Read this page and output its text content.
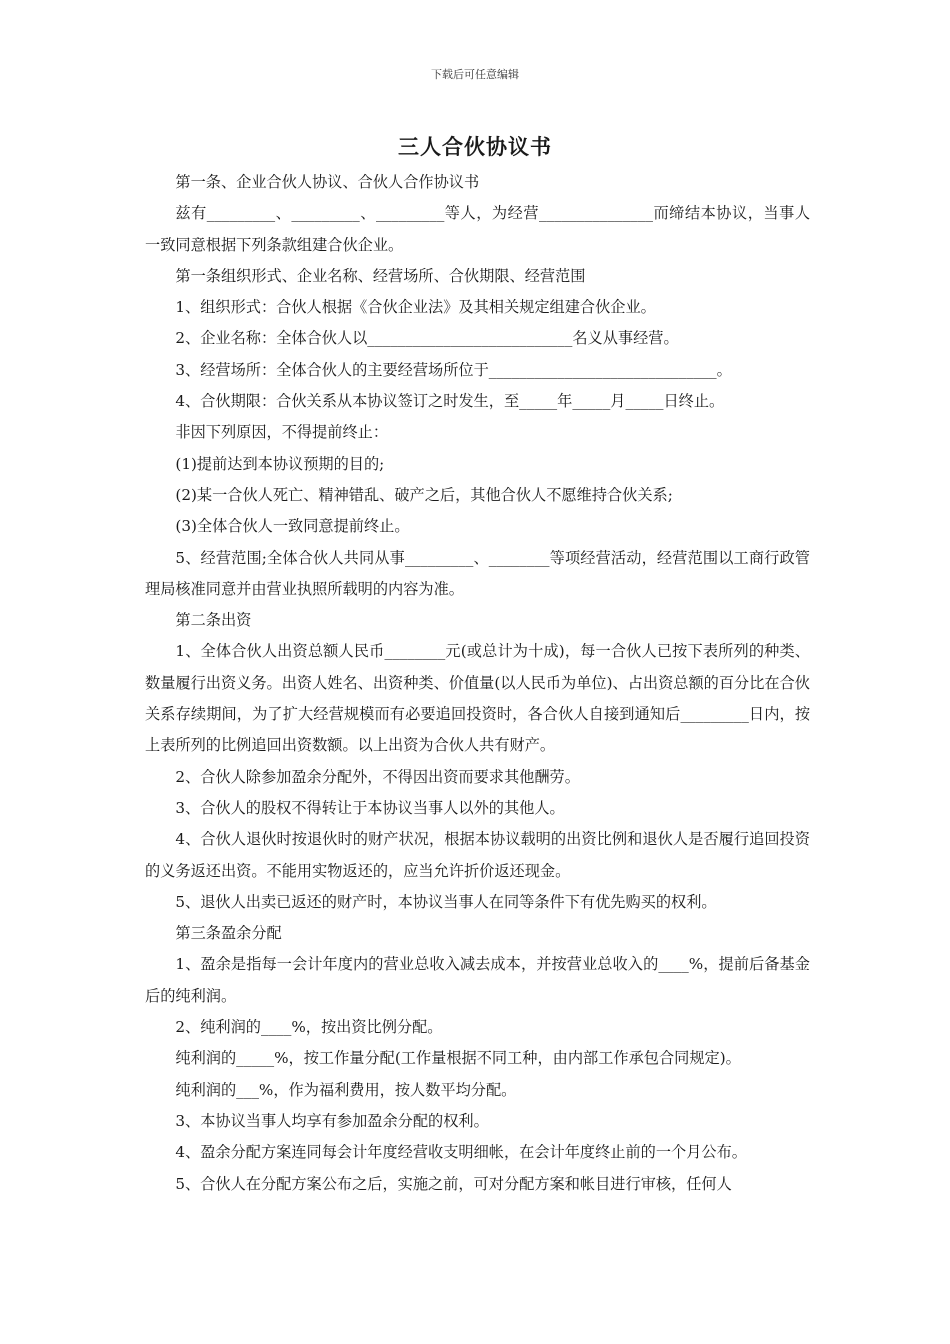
下载后可任意编辑
三人合伙协议书

第一条、企业合伙人协议、合伙人合作协议书

兹有_________、_________、_________等人，为经营_______________而缔结本协议，当事人一致同意根据下列条款组建合伙企业。

第一条组织形式、企业名称、经营场所、合伙期限、经营范围

1、组织形式：合伙人根据《合伙企业法》及其相关规定组建合伙企业。

2、企业名称：全体合伙人以___________________________名义从事经营。

3、经营场所：全体合伙人的主要经营场所位于______________________________。

4、合伙期限：合伙关系从本协议签订之时发生，至_____年_____月_____日终止。

非因下列原因，不得提前终止：

(1)提前达到本协议预期的目的;

(2)某一合伙人死亡、精神错乱、破产之后，其他合伙人不愿维持合伙关系;

(3)全体合伙人一致同意提前终止。

5、经营范围;全体合伙人共同从事_________、________等项经营活动，经营范围以工商行政管理局核准同意并由营业执照所载明的内容为准。

第二条出资

1、全体合伙人出资总额人民币________元(或总计为十成)，每一合伙人已按下表所列的种类、数量履行出资义务。出资人姓名、出资种类、价值量(以人民币为单位)、占出资总额的百分比在合伙关系存续期间，为了扩大经营规模而有必要追回投资时，各合伙人自接到通知后_________日内，按上表所列的比例追回出资数额。以上出资为合伙人共有财产。

2、合伙人除参加盈余分配外，不得因出资而要求其他酬劳。

3、合伙人的股权不得转让于本协议当事人以外的其他人。

4、合伙人退伙时按退伙时的财产状况，根据本协议载明的出资比例和退伙人是否履行追回投资的义务返还出资。不能用实物返还的，应当允许折价返还现金。

5、退伙人出卖已返还的财产时，本协议当事人在同等条件下有优先购买的权利。

第三条盈余分配

1、盈余是指每一会计年度内的营业总收入减去成本，并按营业总收入的____%，提前后备基金后的纯利润。

2、纯利润的____%，按出资比例分配。

纯利润的_____%，按工作量分配(工作量根据不同工种，由内部工作承包合同规定)。

纯利润的___%，作为福利费用，按人数平均分配。

3、本协议当事人均享有参加盈余分配的权利。

4、盈余分配方案连同每会计年度经营收支明细帐，在会计年度终止前的一个月公布。

5、合伙人在分配方案公布之后，实施之前，可对分配方案和帐目进行审核，任何人
